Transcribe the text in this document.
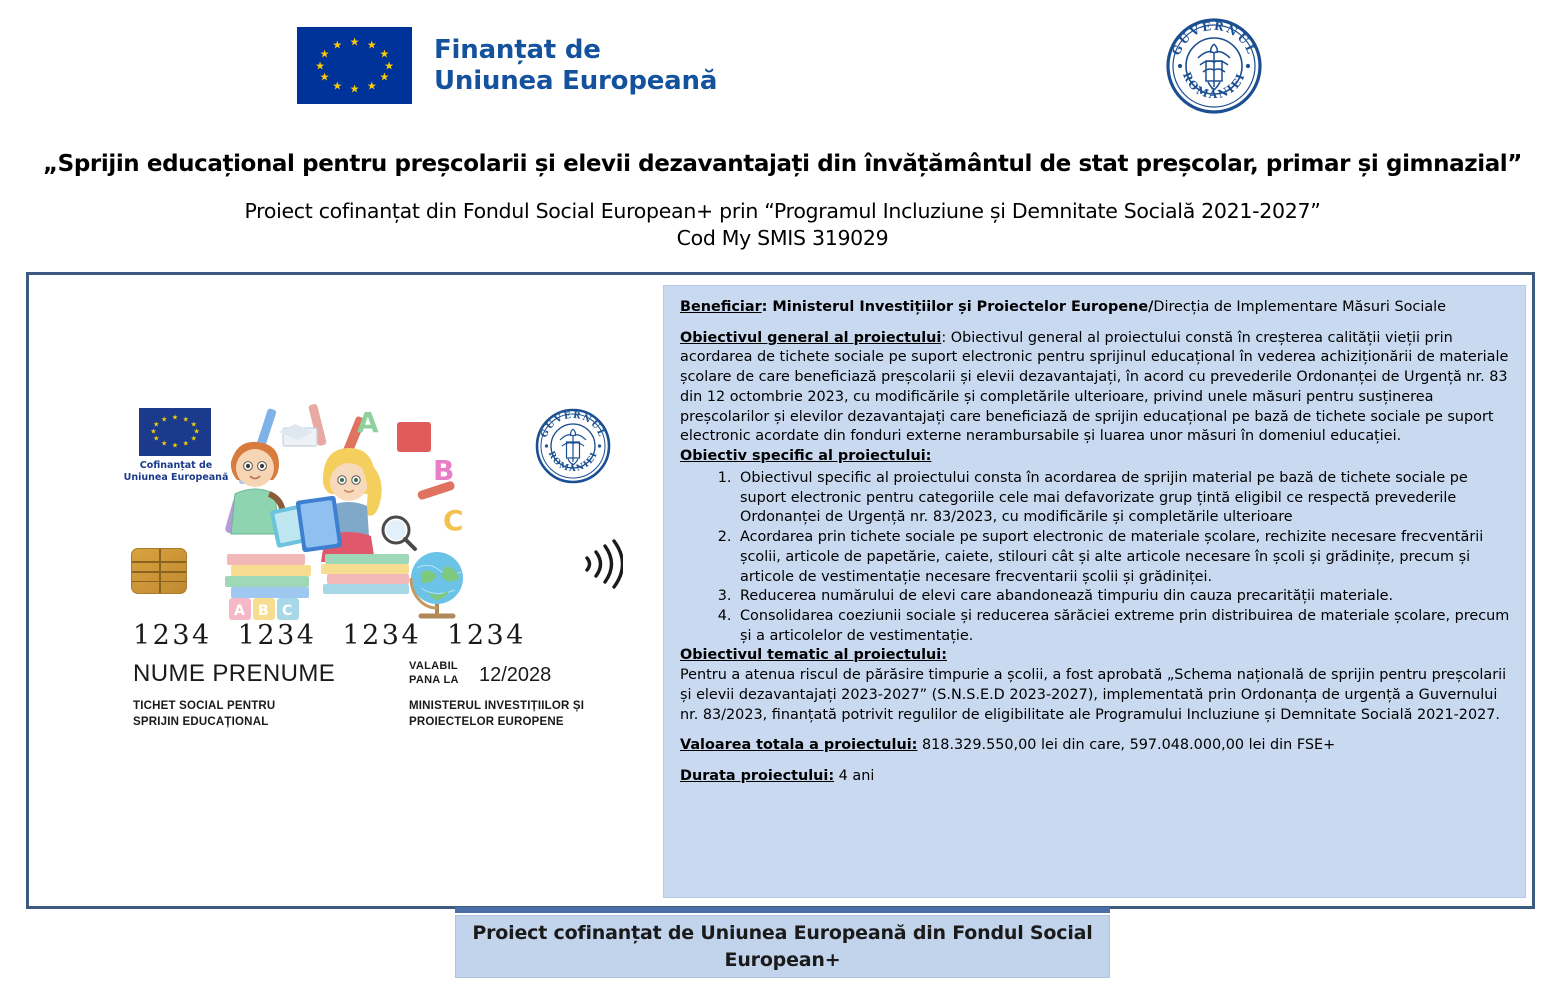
★ ★
★
★
★
★
★
★
★
★
★
★	Finanțat de
Uniunea Europeană
GUVERNUL
ROMÂNIEI
„Sprijin educațional pentru preșcolarii și elevii dezavantajați din învățământul de stat preșcolar, primar și gimnazial”
Proiect cofinanțat din Fondul Social European+ prin “Programul Incluziune și Demnitate Socială 2021-2027”
Cod My SMIS 319029
★ ★
★
★
★
★
★
★
★
★
★
★
Cofinanțat de
Uniunea Europeană
GUVERNUL
ROMÂNIEI
A
B
C
A B C
1234 1234 1234 1234
NUME PRENUME	VALABIL
PANA LA 12/2028
TICHET SOCIAL PENTRU
SPRIJIN EDUCAȚIONAL
MINISTERUL INVESTIȚIILOR ȘI
PROIECTELOR EUROPENE

Beneficiar: Ministerul Investițiilor și Proiectelor Europene/Direcția de Implementare Măsuri Sociale

Obiectivul general al proiectului: Obiectivul general al proiectului constă în creșterea calității vieții prin acordarea de tichete sociale pe suport electronic pentru sprijinul educațional în vederea achiziționării de materiale școlare de care beneficiază preșcolarii și elevii dezavantajați, în acord cu prevederile Ordonanței de Urgență nr. 83 din 12 octombrie 2023, cu modificările și completările ulterioare, privind unele măsuri pentru susținerea preșcolarilor și elevilor dezavantajați care beneficiază de sprijin educațional pe bază de tichete sociale pe suport electronic acordate din fonduri externe nerambursabile și luarea unor măsuri în domeniul educației.

Obiectiv specific al proiectului:

1. Obiectivul specific al proiectului consta în acordarea de sprijin material pe bază de tichete sociale pe suport electronic pentru categoriile cele mai defavorizate grup țintă eligibil ce respectă prevederile Ordonanței de Urgență nr. 83/2023, cu modificările și completările ulterioare
2. Acordarea prin tichete sociale pe suport electronic de materiale școlare, rechizite necesare frecventării școlii, articole de papetărie, caiete, stilouri cât și alte articole necesare în școli și grădinițe, precum și articole de vestimentație necesare frecventarii școlii și grădiniței.
3. Reducerea numărului de elevi care abandonează timpuriu din cauza precarității materiale.
4. Consolidarea coeziunii sociale și reducerea sărăciei extreme prin distribuirea de materiale școlare, precum și a articolelor de vestimentație.

Obiectivul tematic al proiectului:

Pentru a atenua riscul de părăsire timpurie a școlii, a fost aprobată „Schema națională de sprijin pentru preșcolarii și elevii dezavantajați 2023-2027” (S.N.S.E.D 2023-2027), implementată prin Ordonanța de urgență a Guvernului nr. 83/2023, finanțată potrivit regulilor de eligibilitate ale Programului Incluziune și Demnitate Socială 2021-2027.

Valoarea totala a proiectului: 818.329.550,00 lei din care, 597.048.000,00 lei din FSE+

Durata proiectului: 4 ani

Proiect cofinanțat de Uniunea Europeană din Fondul Social
European+
